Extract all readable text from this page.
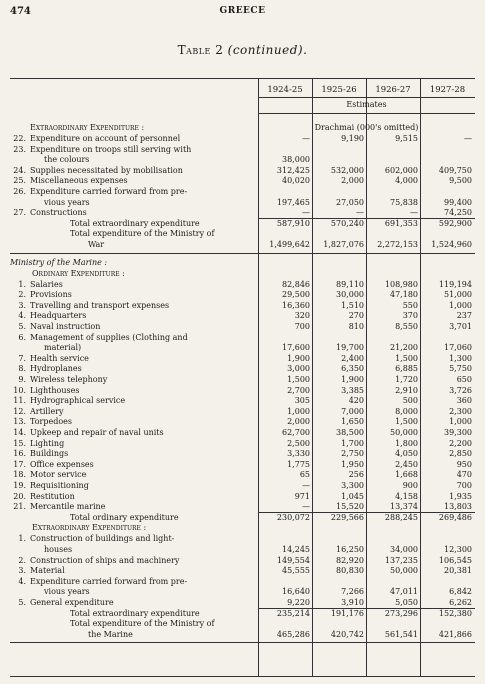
474	GREECE
Table 2 (continued).
1924-25	1925-26	1926-27	1927-28
Estimates
Drachmai (000's omitted)
Extraordinary Expenditure :
22. Expenditure on account of personnel	—	9,190	9,515	—
23. Expenditure on troops still serving with
the colours	38,000
24. Supplies necessitated by mobilisation	312,425	532,000	602,000	409,750
25. Miscellaneous expenses	40,020	2,000	4,000	9,500
26. Expenditure carried forward from pre-
vious years	197,465	27,050	75,838	99,400
27. Constructions	—	—	—	74,250
Total extraordinary expenditure	587,910	570,240	691,353	592,900
Total expenditure of the Ministry of
War	1,499,642	1,827,076	2,272,153	1,524,960
Ministry of the Marine :
Ordinary Expenditure :
1. Salaries	82,846	89,110	108,980	119,194
2. Provisions	29,500	30,000	47,180	51,000
3. Travelling and transport expenses	16,360	1,510	550	1,000
4. Headquarters	320	270	370	237
5. Naval instruction	700	810	8,550	3,701
6. Management of supplies (Clothing and
material)	17,600	19,700	21,200	17,060
7. Health service	1,900	2,400	1,500	1,300
8. Hydroplanes	3,000	6,350	6,885	5,750
9. Wireless telephony	1,500	1,900	1,720	650
10. Lighthouses	2,700	3,385	2,910	3,726
11. Hydrographical service	305	420	500	360
12. Artillery	1,000	7,000	8,000	2,300
13. Torpedoes	2,000	1,650	1,500	1,000
14. Upkeep and repair of naval units	62,700	38,500	50,000	39,300
15. Lighting	2,500	1,700	1,800	2,200
16. Buildings	3,330	2,750	4,050	2,850
17. Office expenses	1,775	1,950	2,450	950
18. Motor service	65	256	1,668	470
19. Requisitioning	—	3,300	900	700
20. Restitution	971	1,045	4,158	1,935
21. Mercantile marine	—	15,520	13,374	13,803
Total ordinary expenditure	230,072	229,566	288,245	269,486
Extraordinary Expenditure :
1. Construction of buildings and light-
houses	14,245	16,250	34,000	12,300
2. Construction of ships and machinery	149,554	82,920	137,235	106,545
3. Material	45,555	80,830	50,000	20,381
4. Expenditure carried forward from pre-
vious years	16,640	7,266	47,011	6,842
5. General expenditure	9,220	3,910	5,050	6,262
Total extraordinary expenditure	235,214	191,176	273,296	152,380
Total expenditure of the Ministry of
the Marine	465,286	420,742	561,541	421,866
